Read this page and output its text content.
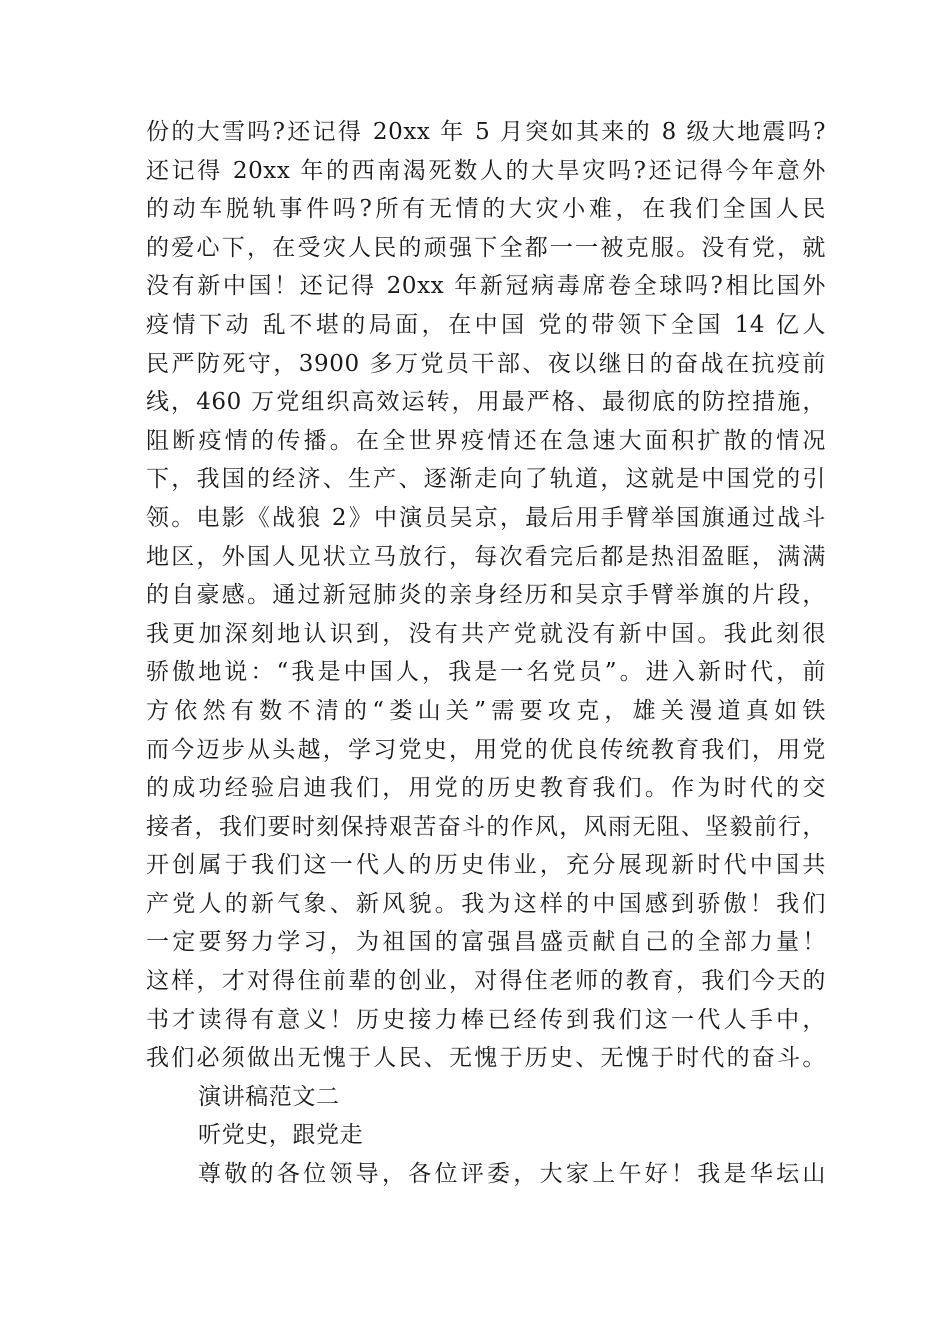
份的大雪吗?还记得 20xx 年 5 月突如其来的 8 级大地震吗?
还记得 20xx 年的西南渴死数人的大旱灾吗?还记得今年意外
的动车脱轨事件吗?所有无情的大灾小难，在我们全国人民
的爱心下，在受灾人民的顽强下全都一一被克服。没有党，就
没有新中国！还记得 20xx 年新冠病毒席卷全球吗?相比国外
疫情下动 乱不堪的局面，在中国 党的带领下全国 14 亿人
民严防死守，3900 多万党员干部、夜以继日的奋战在抗疫前
线，460 万党组织高效运转，用最严格、最彻底的防控措施，
阻断疫情的传播。在全世界疫情还在急速大面积扩散的情况
下，我国的经济、生产、逐渐走向了轨道，这就是中国党的引
领。电影《战狼 2》中演员吴京，最后用手臂举国旗通过战斗
地区，外国人见状立马放行，每次看完后都是热泪盈眶，满满
的自豪感。通过新冠肺炎的亲身经历和吴京手臂举旗的片段，
我更加深刻地认识到，没有共产党就没有新中国。我此刻很
骄傲地说：“我是中国人，我是一名党员”。进入新时代，前
方依然有数不清的“娄山关”需要攻克，雄关漫道真如铁
而今迈步从头越，学习党史，用党的优良传统教育我们，用党
的成功经验启迪我们，用党的历史教育我们。作为时代的交
接者，我们要时刻保持艰苦奋斗的作风，风雨无阻、坚毅前行，
开创属于我们这一代人的历史伟业，充分展现新时代中国共
产党人的新气象、新风貌。我为这样的中国感到骄傲！我们
一定要努力学习，为祖国的富强昌盛贡献自己的全部力量！
这样，才对得住前辈的创业，对得住老师的教育，我们今天的
书才读得有意义！历史接力棒已经传到我们这一代人手中，
我们必须做出无愧于人民、无愧于历史、无愧于时代的奋斗。
演讲稿范文二
听党史，跟党走
尊敬的各位领导，各位评委，大家上午好！我是华坛山
